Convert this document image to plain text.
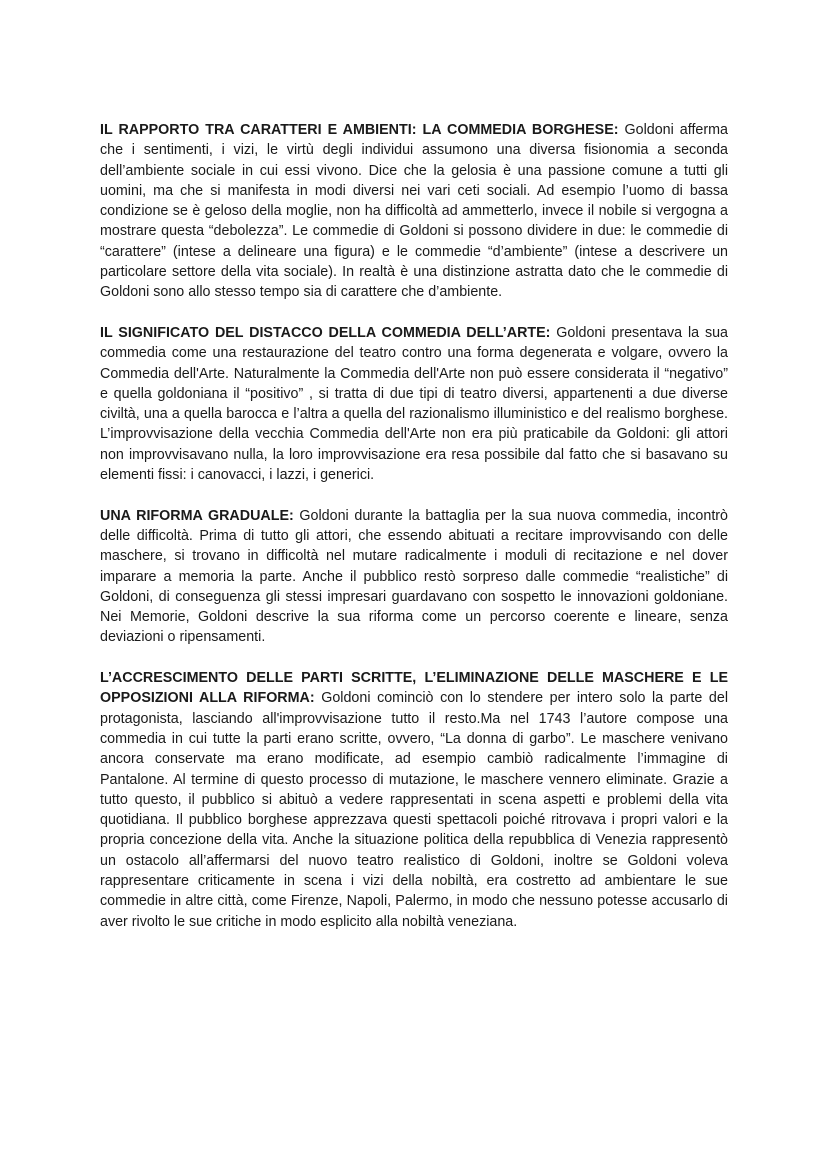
IL RAPPORTO TRA CARATTERI E AMBIENTI: LA COMMEDIA BORGHESE: Goldoni afferma che i sentimenti, i vizi, le virtù degli individui assumono una diversa fisionomia a seconda dell’ambiente sociale in cui essi vivono. Dice che la gelosia è una passione comune a tutti gli uomini, ma che si manifesta in modi diversi nei vari ceti sociali. Ad esempio l’uomo di bassa condizione se è geloso della moglie, non ha difficoltà ad ammetterlo, invece il nobile si vergogna a mostrare questa “debolezza”. Le commedie di Goldoni si possono dividere in due: le commedie di “carattere” (intese a delineare una figura) e le commedie “d’ambiente” (intese a descrivere un particolare settore della vita sociale). In realtà è una distinzione astratta dato che le commedie di Goldoni sono allo stesso tempo sia di carattere che d’ambiente.

IL SIGNIFICATO DEL DISTACCO DELLA COMMEDIA DELL’ARTE: Goldoni presentava la sua commedia come una restaurazione del teatro contro una forma degenerata e volgare, ovvero la Commedia dell'Arte. Naturalmente la Commedia dell'Arte non può essere considerata il “negativo” e quella goldoniana il “positivo” , si tratta di due tipi di teatro diversi, appartenenti a due diverse civiltà, una a quella barocca e l’altra a quella del razionalismo illuministico e del realismo borghese. L’improvvisazione della vecchia Commedia dell'Arte non era più praticabile da Goldoni: gli attori non improvvisavano nulla, la loro improvvisazione era resa possibile dal fatto che si basavano su elementi fissi: i canovacci, i lazzi, i generici.

UNA RIFORMA GRADUALE: Goldoni durante la battaglia per la sua nuova commedia, incontrò delle difficoltà. Prima di tutto gli attori, che essendo abituati a recitare improvvisando con delle maschere, si trovano in difficoltà nel mutare radicalmente i moduli di recitazione e nel dover imparare a memoria la parte. Anche il pubblico restò sorpreso dalle commedie “realistiche” di Goldoni, di conseguenza gli stessi impresari guardavano con sospetto le innovazioni goldoniane. Nei Memorie, Goldoni descrive la sua riforma come un percorso coerente e lineare, senza deviazioni o ripensamenti.

L’ACCRESCIMENTO DELLE PARTI SCRITTE, L’ELIMINAZIONE DELLE MASCHERE E LE OPPOSIZIONI ALLA RIFORMA: Goldoni cominciò con lo stendere per intero solo la parte del protagonista, lasciando all'improvvisazione tutto il resto.Ma nel 1743 l’autore compose una commedia in cui tutte la parti erano scritte, ovvero, “La donna di garbo”. Le maschere venivano ancora conservate ma erano modificate, ad esempio cambiò radicalmente l’immagine di Pantalone. Al termine di questo processo di mutazione, le maschere vennero eliminate. Grazie a tutto questo, il pubblico si abituò a vedere rappresentati in scena aspetti e problemi della vita quotidiana. Il pubblico borghese apprezzava questi spettacoli poiché ritrovava i propri valori e la propria concezione della vita. Anche la situazione politica della repubblica di Venezia rappresentò un ostacolo all’affermarsi del nuovo teatro realistico di Goldoni, inoltre se Goldoni voleva rappresentare criticamente in scena i vizi della nobiltà, era costretto ad ambientare le sue commedie in altre città, come Firenze, Napoli, Palermo, in modo che nessuno potesse accusarlo di aver rivolto le sue critiche in modo esplicito alla nobiltà veneziana.
